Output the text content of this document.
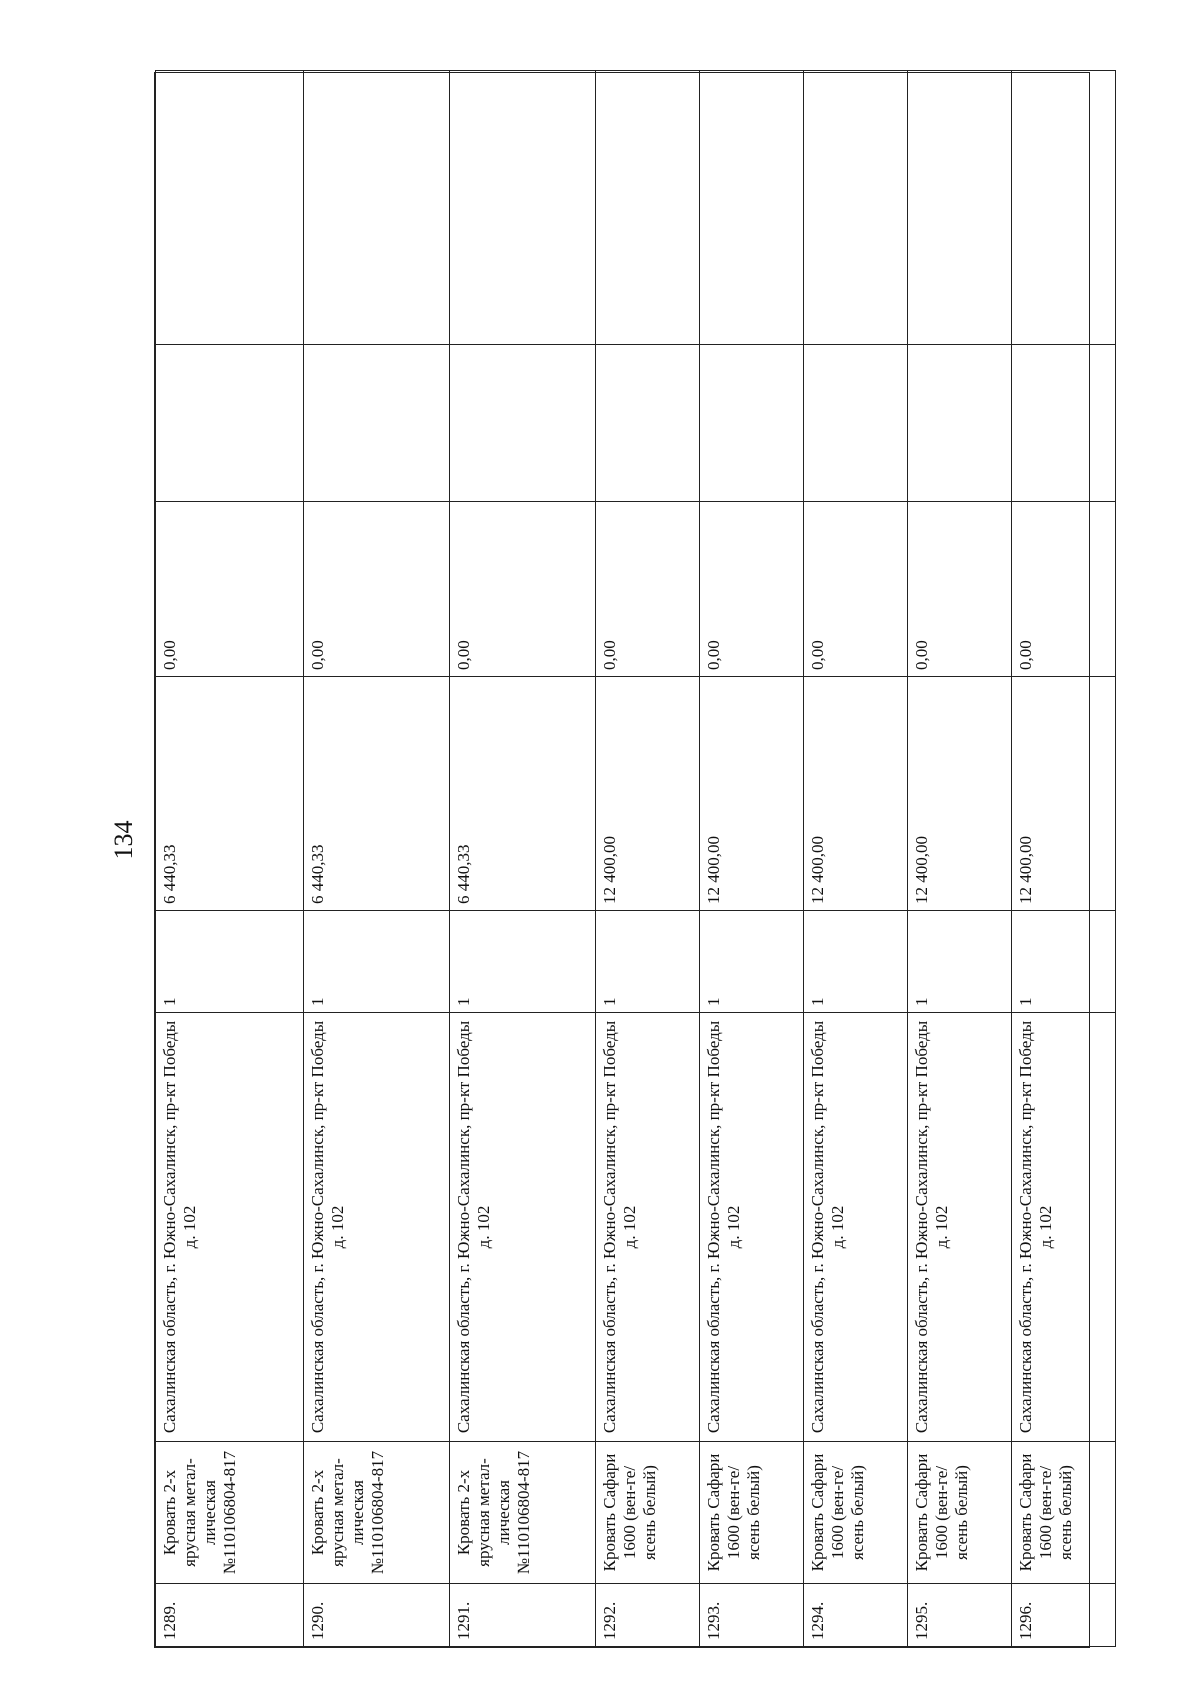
134
1289.	Кровать 2-х ярусная метал-лическая №110106804-817	Сахалинская область, г. Южно-Сахалинск, пр-кт Победы д. 102	1	6 440,33	0,00		
1290.	Кровать 2-х ярусная метал-лическая №110106804-817	Сахалинская область, г. Южно-Сахалинск, пр-кт Победы д. 102	1	6 440,33	0,00		
1291.	Кровать 2-х ярусная метал-лическая №110106804-817	Сахалинская область, г. Южно-Сахалинск, пр-кт Победы д. 102	1	6 440,33	0,00		
1292.	Кровать Сафари 1600 (вен-ге/ясень белый)	Сахалинская область, г. Южно-Сахалинск, пр-кт Победы д. 102	1	12 400,00	0,00		
1293.	Кровать Сафари 1600 (вен-ге/ясень белый)	Сахалинская область, г. Южно-Сахалинск, пр-кт Победы д. 102	1	12 400,00	0,00		
1294.	Кровать Сафари 1600 (вен-ге/ясень белый)	Сахалинская область, г. Южно-Сахалинск, пр-кт Победы д. 102	1	12 400,00	0,00		
1295.	Кровать Сафари 1600 (вен-ге/ясень белый)	Сахалинская область, г. Южно-Сахалинск, пр-кт Победы д. 102	1	12 400,00	0,00		
1296.	Кровать Сафари 1600 (вен-ге/ясень белый)	Сахалинская область, г. Южно-Сахалинск, пр-кт Победы д. 102	1	12 400,00	0,00		
